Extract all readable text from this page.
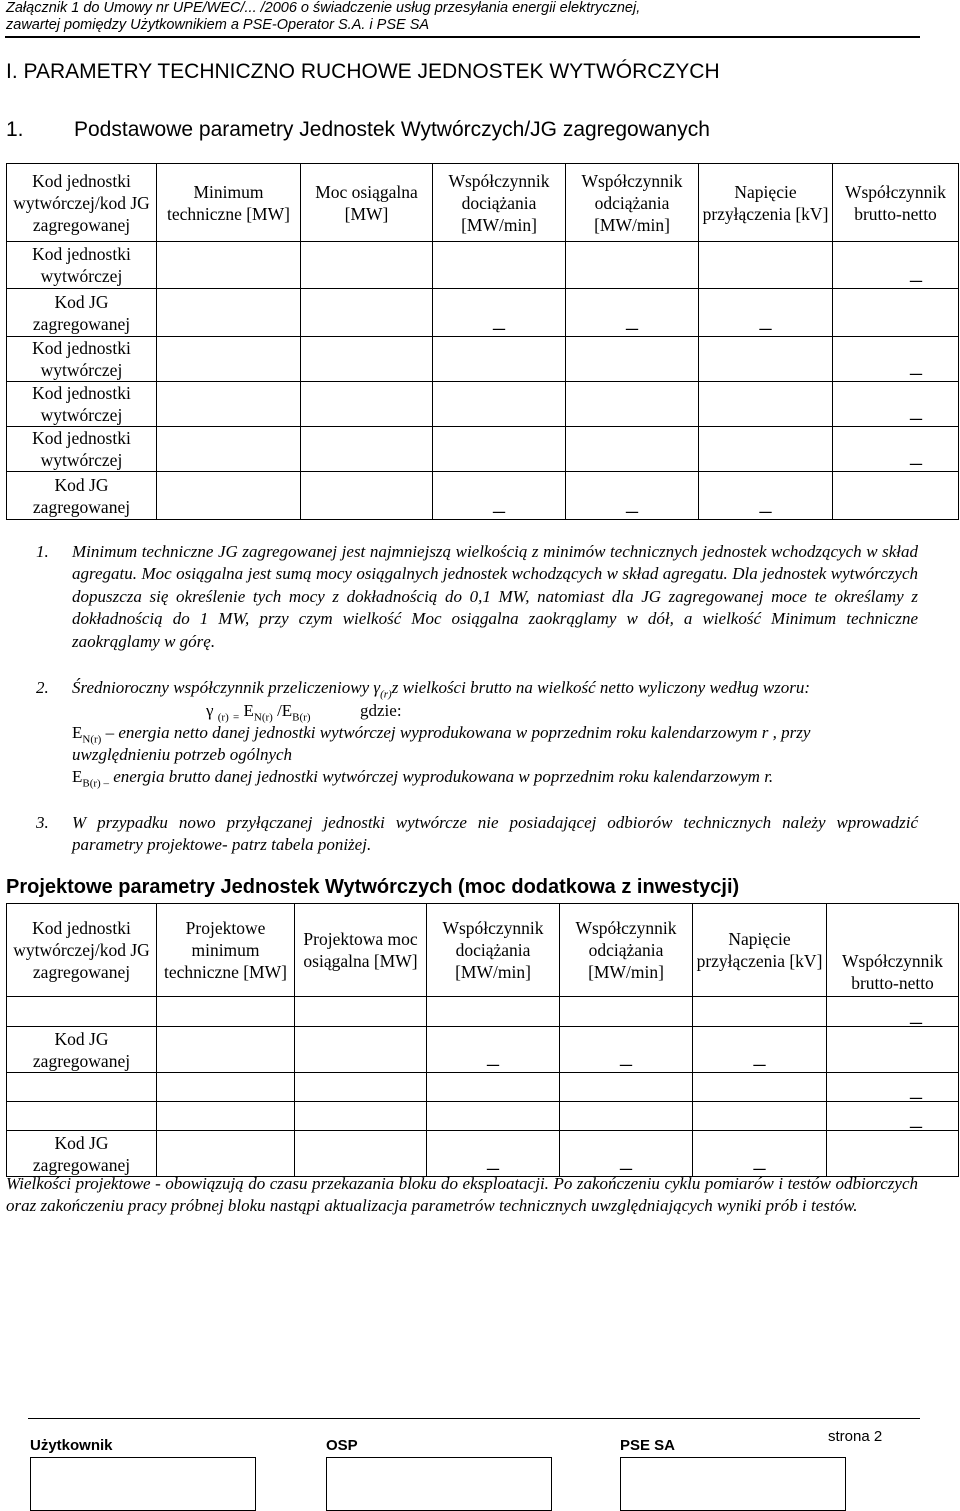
Załącznik 1 do Umowy nr UPE/WEC/... /2006 o świadczenie usług przesyłania energii elektrycznej,
zawartej pomiędzy Użytkownikiem a PSE-Operator S.A. i PSE SA
I. PARAMETRY TECHNICZNO RUCHOWE JEDNOSTEK WYTWÓRCZYCH
1. Podstawowe parametry Jednostek Wytwórczych/JG zagregowanych
Kod jednostki wytwórczej/kod JG zagregowanej	Minimum techniczne [MW]	Moc osiągalna [MW]	Współczynnik dociążania [MW/min]	Współczynnik odciążania [MW/min]	Napięcie przyłączenia [kV]	Współczynnik brutto-netto
Kod jednostki wytwórczej						_
Kod JG zagregowanej			_	_	_	
Kod jednostki wytwórczej						_
Kod jednostki wytwórczej						_
Kod jednostki wytwórczej						_
Kod JG zagregowanej			_	_	_	
1. Minimum techniczne JG zagregowanej jest najmniejszą wielkością z minimów technicznych jednostek wchodzących w skład agregatu. Moc osiągalna jest sumą mocy osiągalnych jednostek wchodzących w skład agregatu. Dla jednostek wytwórczych dopuszcza się określenie tych mocy z dokładnością do 0,1 MW, natomiast dla JG zagregowanej moce te określamy z dokładnością do 1 MW, przy czym wielkość Moc osiągalna zaokrąglamy w dół, a wielkość Minimum techniczne zaokrąglamy w górę.
2. Średnioroczny współczynnik przeliczeniowy $\gamma_{(r)}z$ wielkości brutto na wielkość netto wyliczony według wzoru:
γ $_{(r)}$ $_=$ $E_{N(r)}$ $/E_{B(r)}$	gdzie:
$E_{N(r)}$ – energia netto danej jednostki wytwórczej wyprodukowana w poprzednim roku kalendarzowym r , przy
uwzględnieniu potrzeb ogólnych
$E_{B(r) -}$ energia brutto danej jednostki wytwórczej wyprodukowana w poprzednim roku kalendarzowym r.
3. W przypadku nowo przyłączanej jednostki wytwórcze nie posiadającej odbiorów technicznych należy wprowadzić parametry projektowe- patrz tabela poniżej.
Projektowe parametry Jednostek Wytwórczych (moc dodatkowa z inwestycji)
Kod jednostki wytwórczej/kod JG zagregowanej	Projektowe minimum techniczne [MW]	Projektowa moc osiągalna [MW]	Współczynnik dociążania [MW/min]	Współczynnik odciążania [MW/min]	Napięcie przyłączenia [kV]	Współczynnik brutto-netto
						_
Kod JG zagregowanej			_	_	_	
						_
						_
Kod JG zagregowanej			_	_	_	
Wielkości projektowe - obowiązują do czasu przekazania bloku do eksploatacji. Po zakończeniu cyklu pomiarów i testów odbiorczych oraz zakończeniu pracy próbnej bloku nastąpi aktualizacja parametrów technicznych uwzględniających wyniki prób i testów.
strona 2
Użytkownik	OSP	PSE SA
